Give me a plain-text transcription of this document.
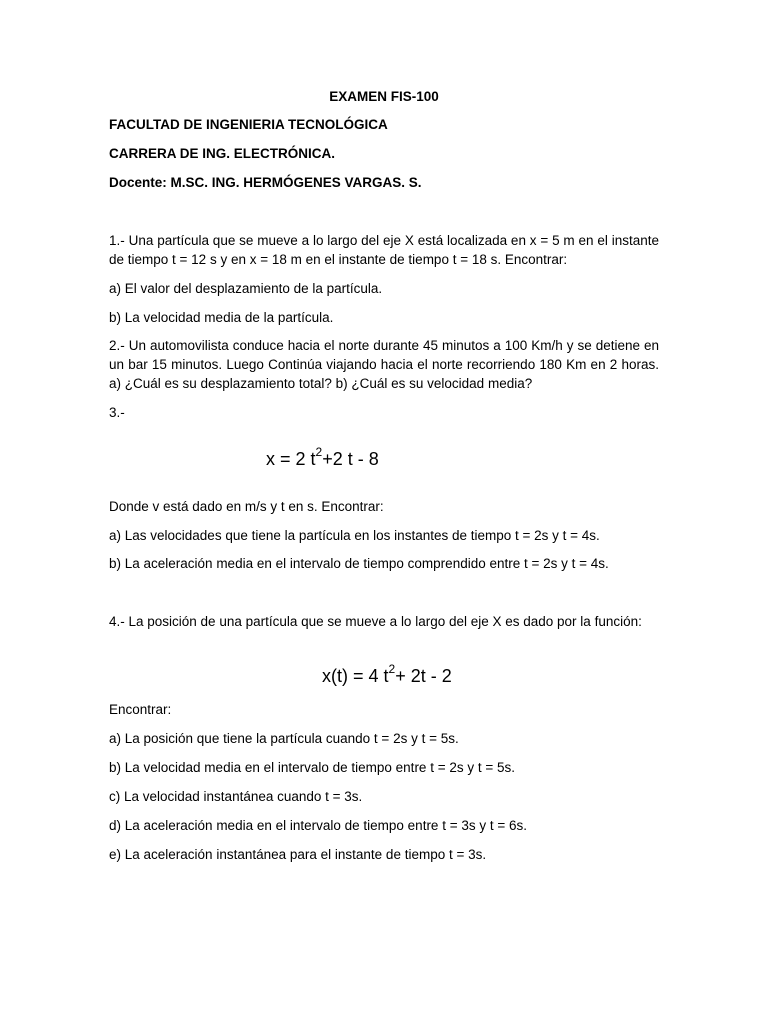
EXAMEN FIS-100
FACULTAD DE INGENIERIA TECNOLÓGICA
CARRERA DE ING. ELECTRÓNICA.
Docente: M.SC. ING. HERMÓGENES VARGAS. S.
1.- Una partícula que se mueve a lo largo del eje X está localizada en x = 5 m en el instante de tiempo t = 12 s y en x = 18 m en el instante de tiempo t = 18 s. Encontrar:
a) El valor del desplazamiento de la partícula.
b) La velocidad media de la partícula.
2.- Un automovilista conduce hacia el norte durante 45 minutos a 100 Km/h y se detiene en un bar 15 minutos. Luego Continúa viajando hacia el norte recorriendo 180 Km en 2 horas. a) ¿Cuál es su desplazamiento total? b) ¿Cuál es su velocidad media?
3.-
x = 2 $t^2+2$ t - 8
Donde v está dado en m/s y t en s. Encontrar:
a) Las velocidades que tiene la partícula en los instantes de tiempo t = 2s y t = 4s.
b) La aceleración media en el intervalo de tiempo comprendido entre t = 2s y t = 4s.
4.- La posición de una partícula que se mueve a lo largo del eje X es dado por la función:
x(t) = 4 $t^2+ 2t - 2$
Encontrar:
a) La posición que tiene la partícula cuando t = 2s y t = 5s.
b) La velocidad media en el intervalo de tiempo entre t = 2s y t = 5s.
c) La velocidad instantánea cuando t = 3s.
d) La aceleración media en el intervalo de tiempo entre t = 3s y t = 6s.
e) La aceleración instantánea para el instante de tiempo t = 3s.
